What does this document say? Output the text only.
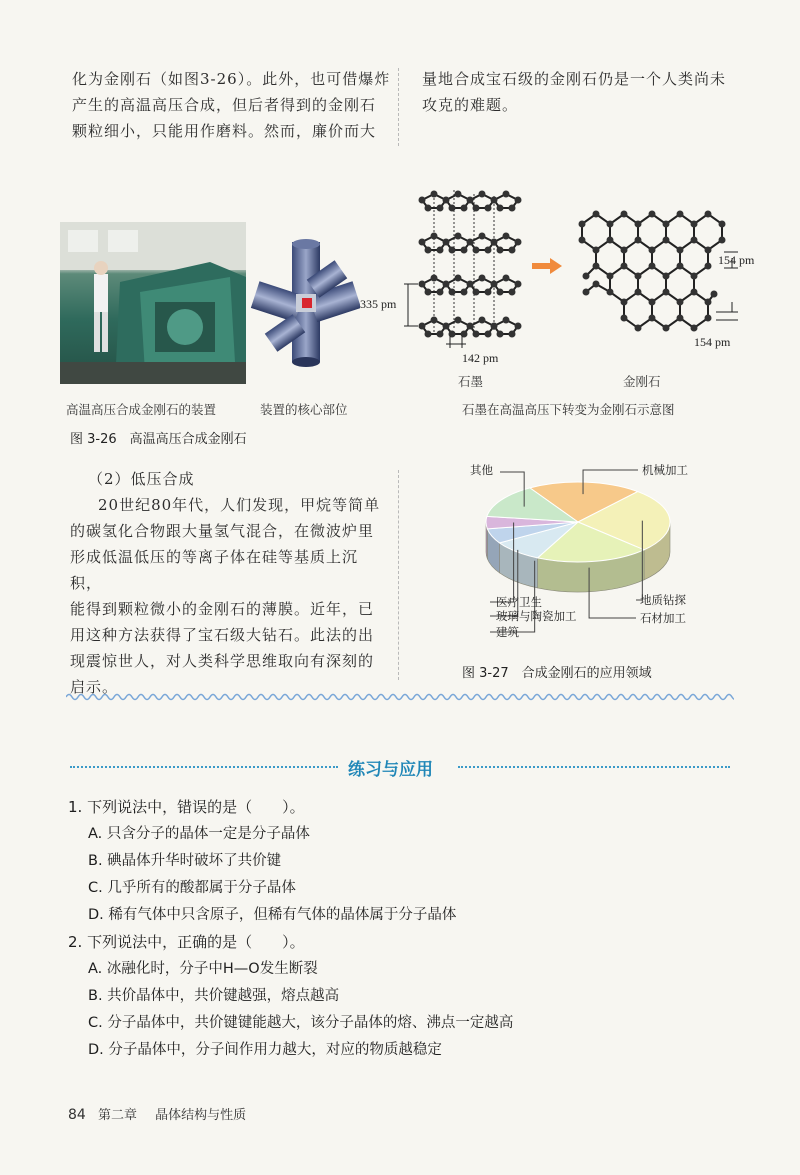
化为金刚石（如图3-26）。此外，也可借爆炸

产生的高温高压合成，但后者得到的金刚石

颗粒细小，只能用作磨料。然而，廉价而大

量地合成宝石级的金刚石仍是一个人类尚未

攻克的难题。

335 pm
142 pm
154 pm
154 pm
石墨	金刚石
高温高压合成金刚石的装置	装置的核心部位	石墨在高温高压下转变为金刚石示意图
图 3-26　高温高压合成金刚石

（2）低压合成

20世纪80年代，人们发现，甲烷等简单

的碳氢化合物跟大量氢气混合，在微波炉里

形成低温低压的等离子体在硅等基质上沉积，

能得到颗粒微小的金刚石的薄膜。近年，已

用这种方法获得了宝石级大钻石。此法的出

现震惊世人，对人类科学思维取向有深刻的

启示。

机械加工
地质钻探
石材加工
建筑
玻璃与陶瓷加工
医疗卫生
其他
图 3-27　合成金刚石的应用领域
练习与应用
1. 下列说法中，错误的是（　　）。
A. 只含分子的晶体一定是分子晶体
B. 碘晶体升华时破坏了共价键
C. 几乎所有的酸都属于分子晶体
D. 稀有气体中只含原子，但稀有气体的晶体属于分子晶体
2. 下列说法中，正确的是（　　）。
A. 冰融化时，分子中H—O发生断裂
B. 共价晶体中，共价键越强，熔点越高
C. 分子晶体中，共价键键能越大，该分子晶体的熔、沸点一定越高
D. 分子晶体中，分子间作用力越大，对应的物质越稳定
84 第二章 晶体结构与性质
